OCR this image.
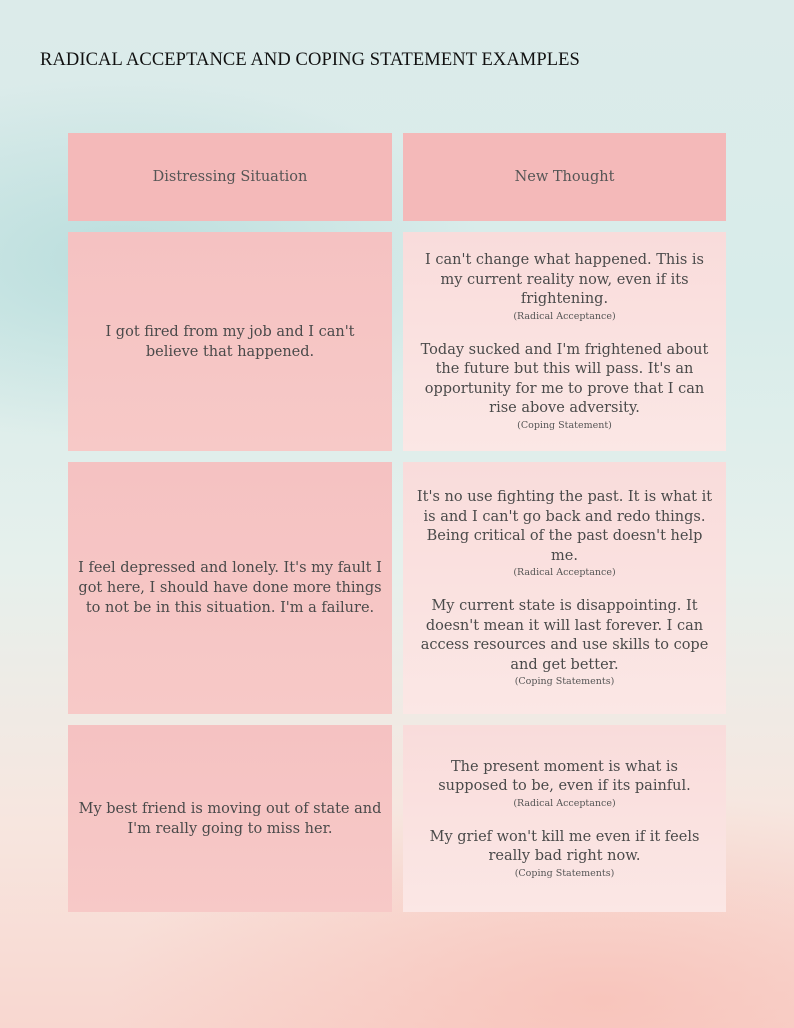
RADICAL ACCEPTANCE AND COPING STATEMENT EXAMPLES
Distressing Situation	New Thought
I got fired from my job and I can't believe that happened.
I can't change what happened. This is my current reality now, even if its frightening.
(Radical Acceptance)
Today sucked and I'm frightened about the future but this will pass. It's an opportunity for me to prove that I can rise above adversity.
(Coping Statement)
I feel depressed and lonely. It's my fault I got here, I should have done more things to not be in this situation. I'm a failure.
It's no use fighting the past. It is what it is and I can't go back and redo things. Being critical of the past doesn't help me.
(Radical Acceptance)
My current state is disappointing. It doesn't mean it will last forever. I can access resources and use skills to cope and get better.
(Coping Statements)
My best friend is moving out of state and I'm really going to miss her.
The present moment is what is supposed to be, even if its painful.
(Radical Acceptance)
My grief won't kill me even if it feels really bad right now.
(Coping Statements)
